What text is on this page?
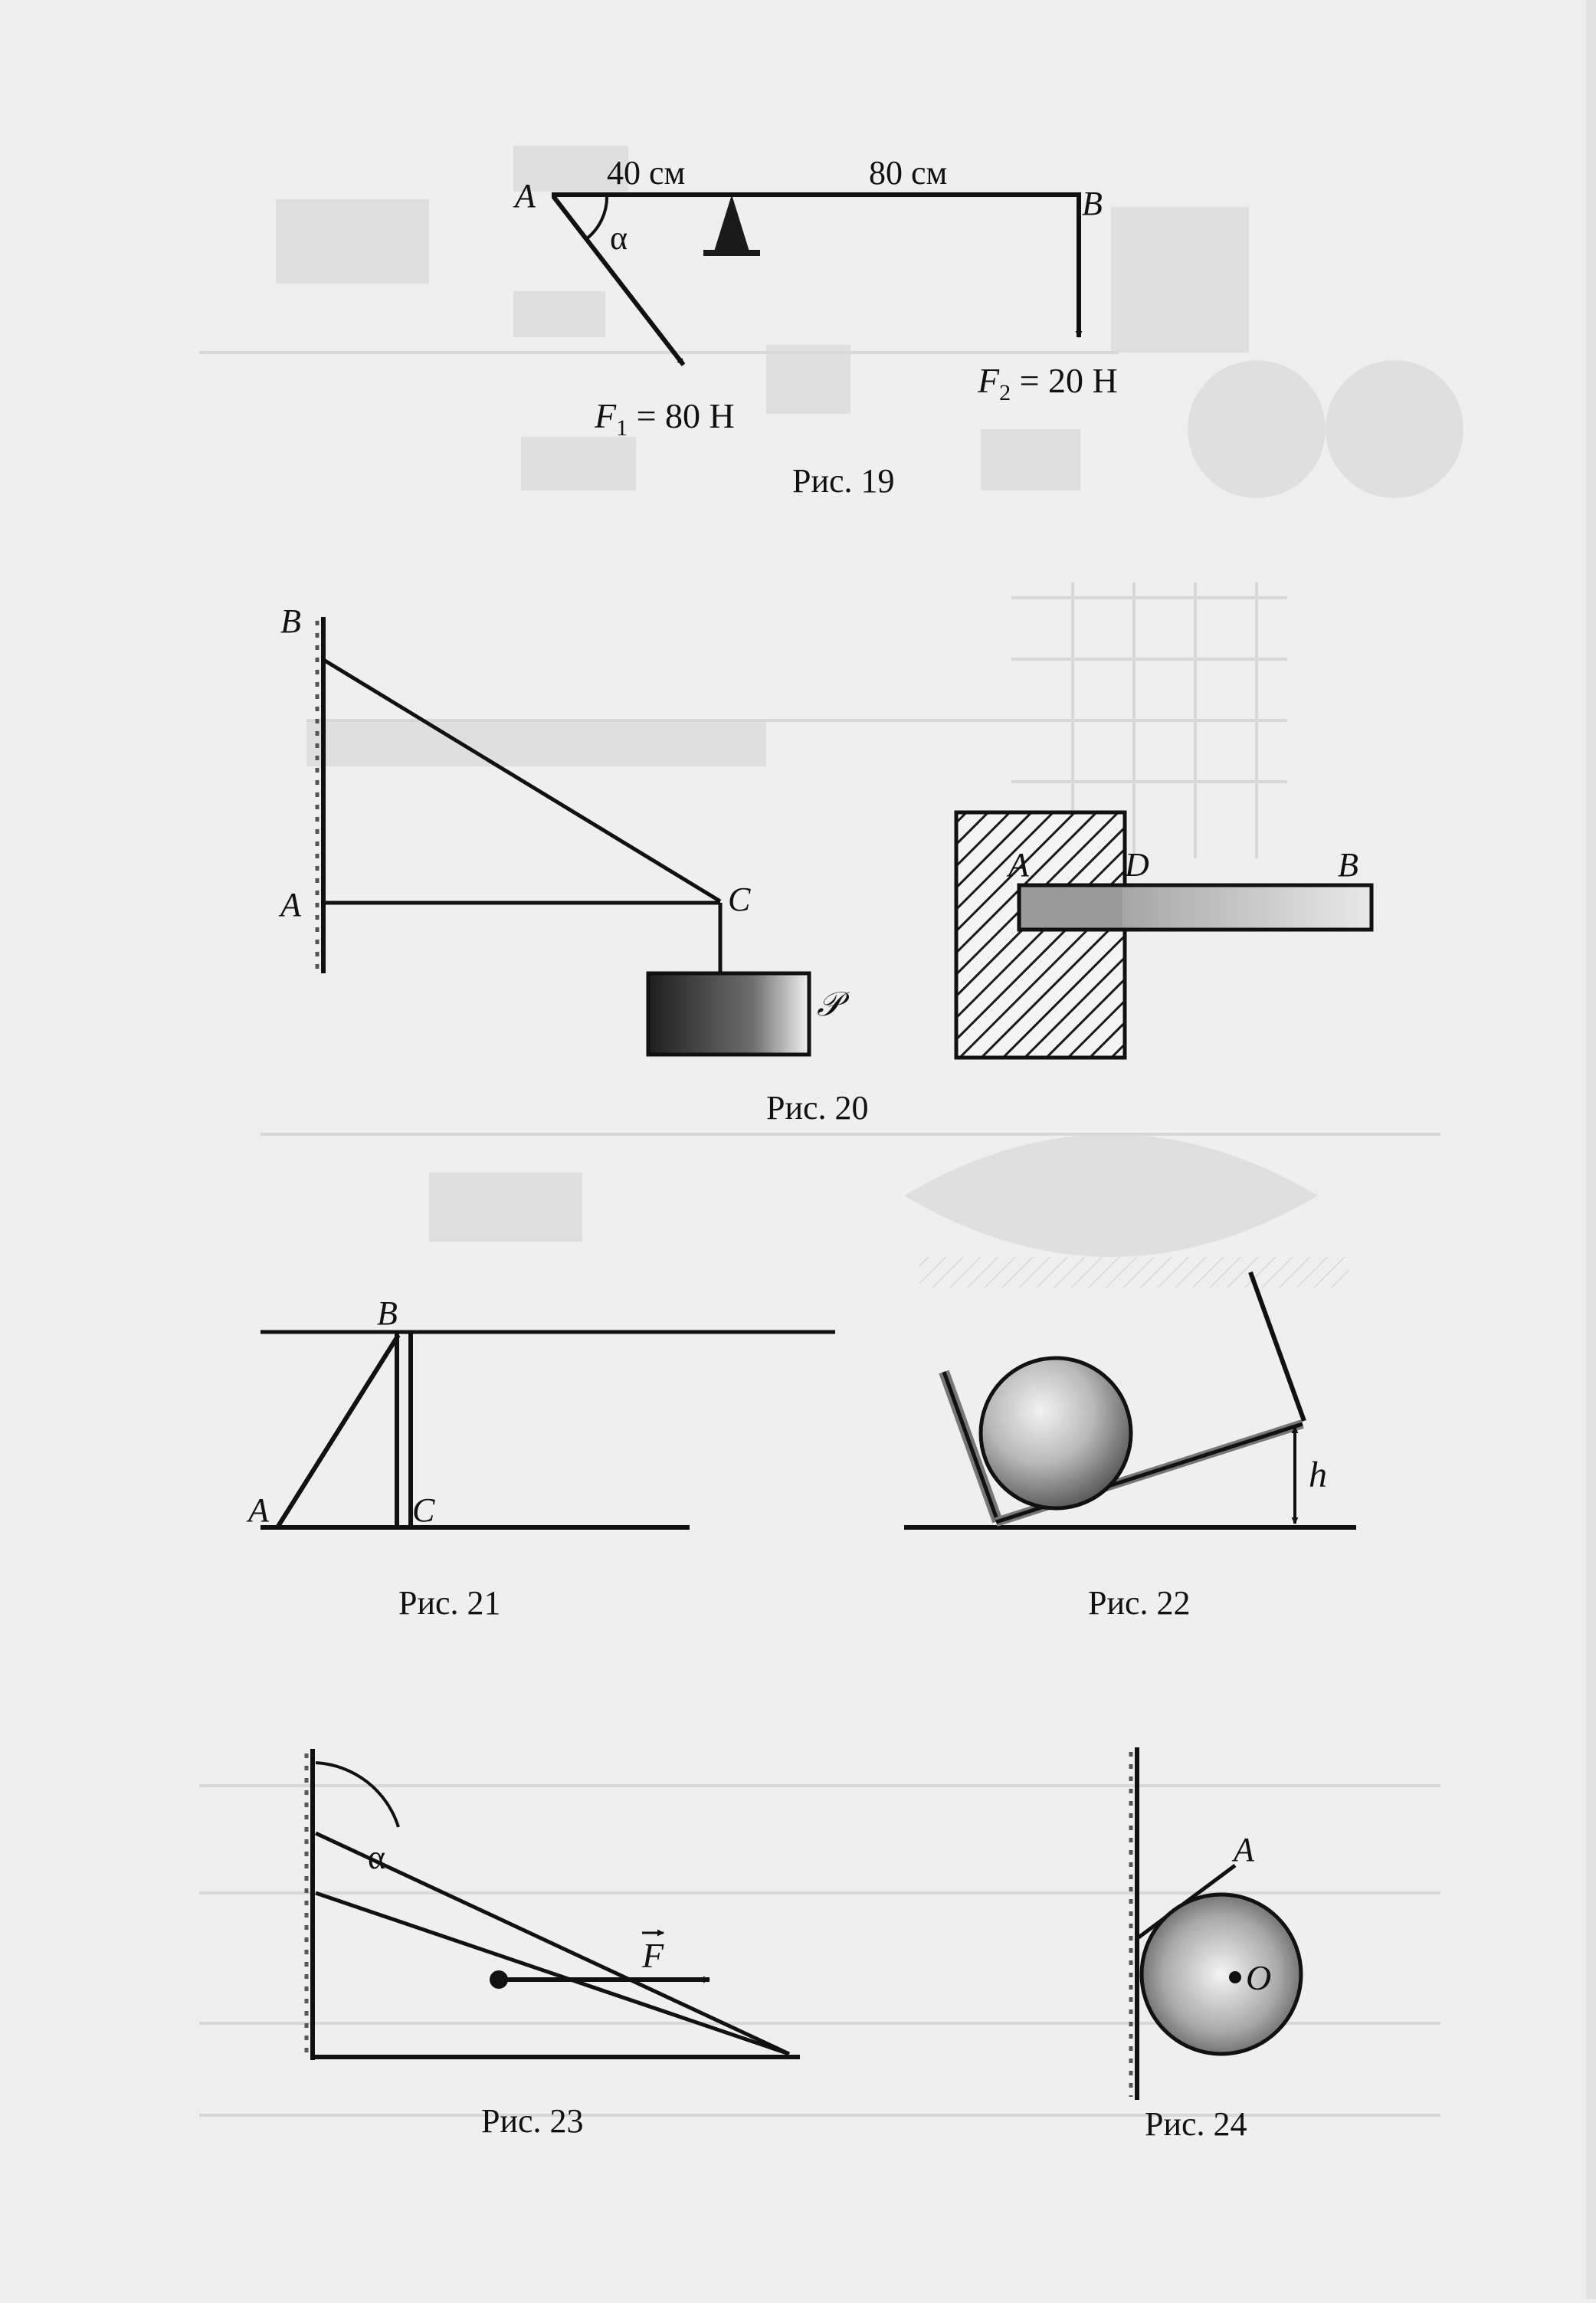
A	B
40 см	80 см
α
$F_1 = 80$ Н
$F_2 = 20$ Н
Рис. 19
B
A	C
𝒫
Рис. 20
A	D	B
B
A	C
Рис. 21
h
Рис. 22
α
F
Рис. 23
A
O
Рис. 24
